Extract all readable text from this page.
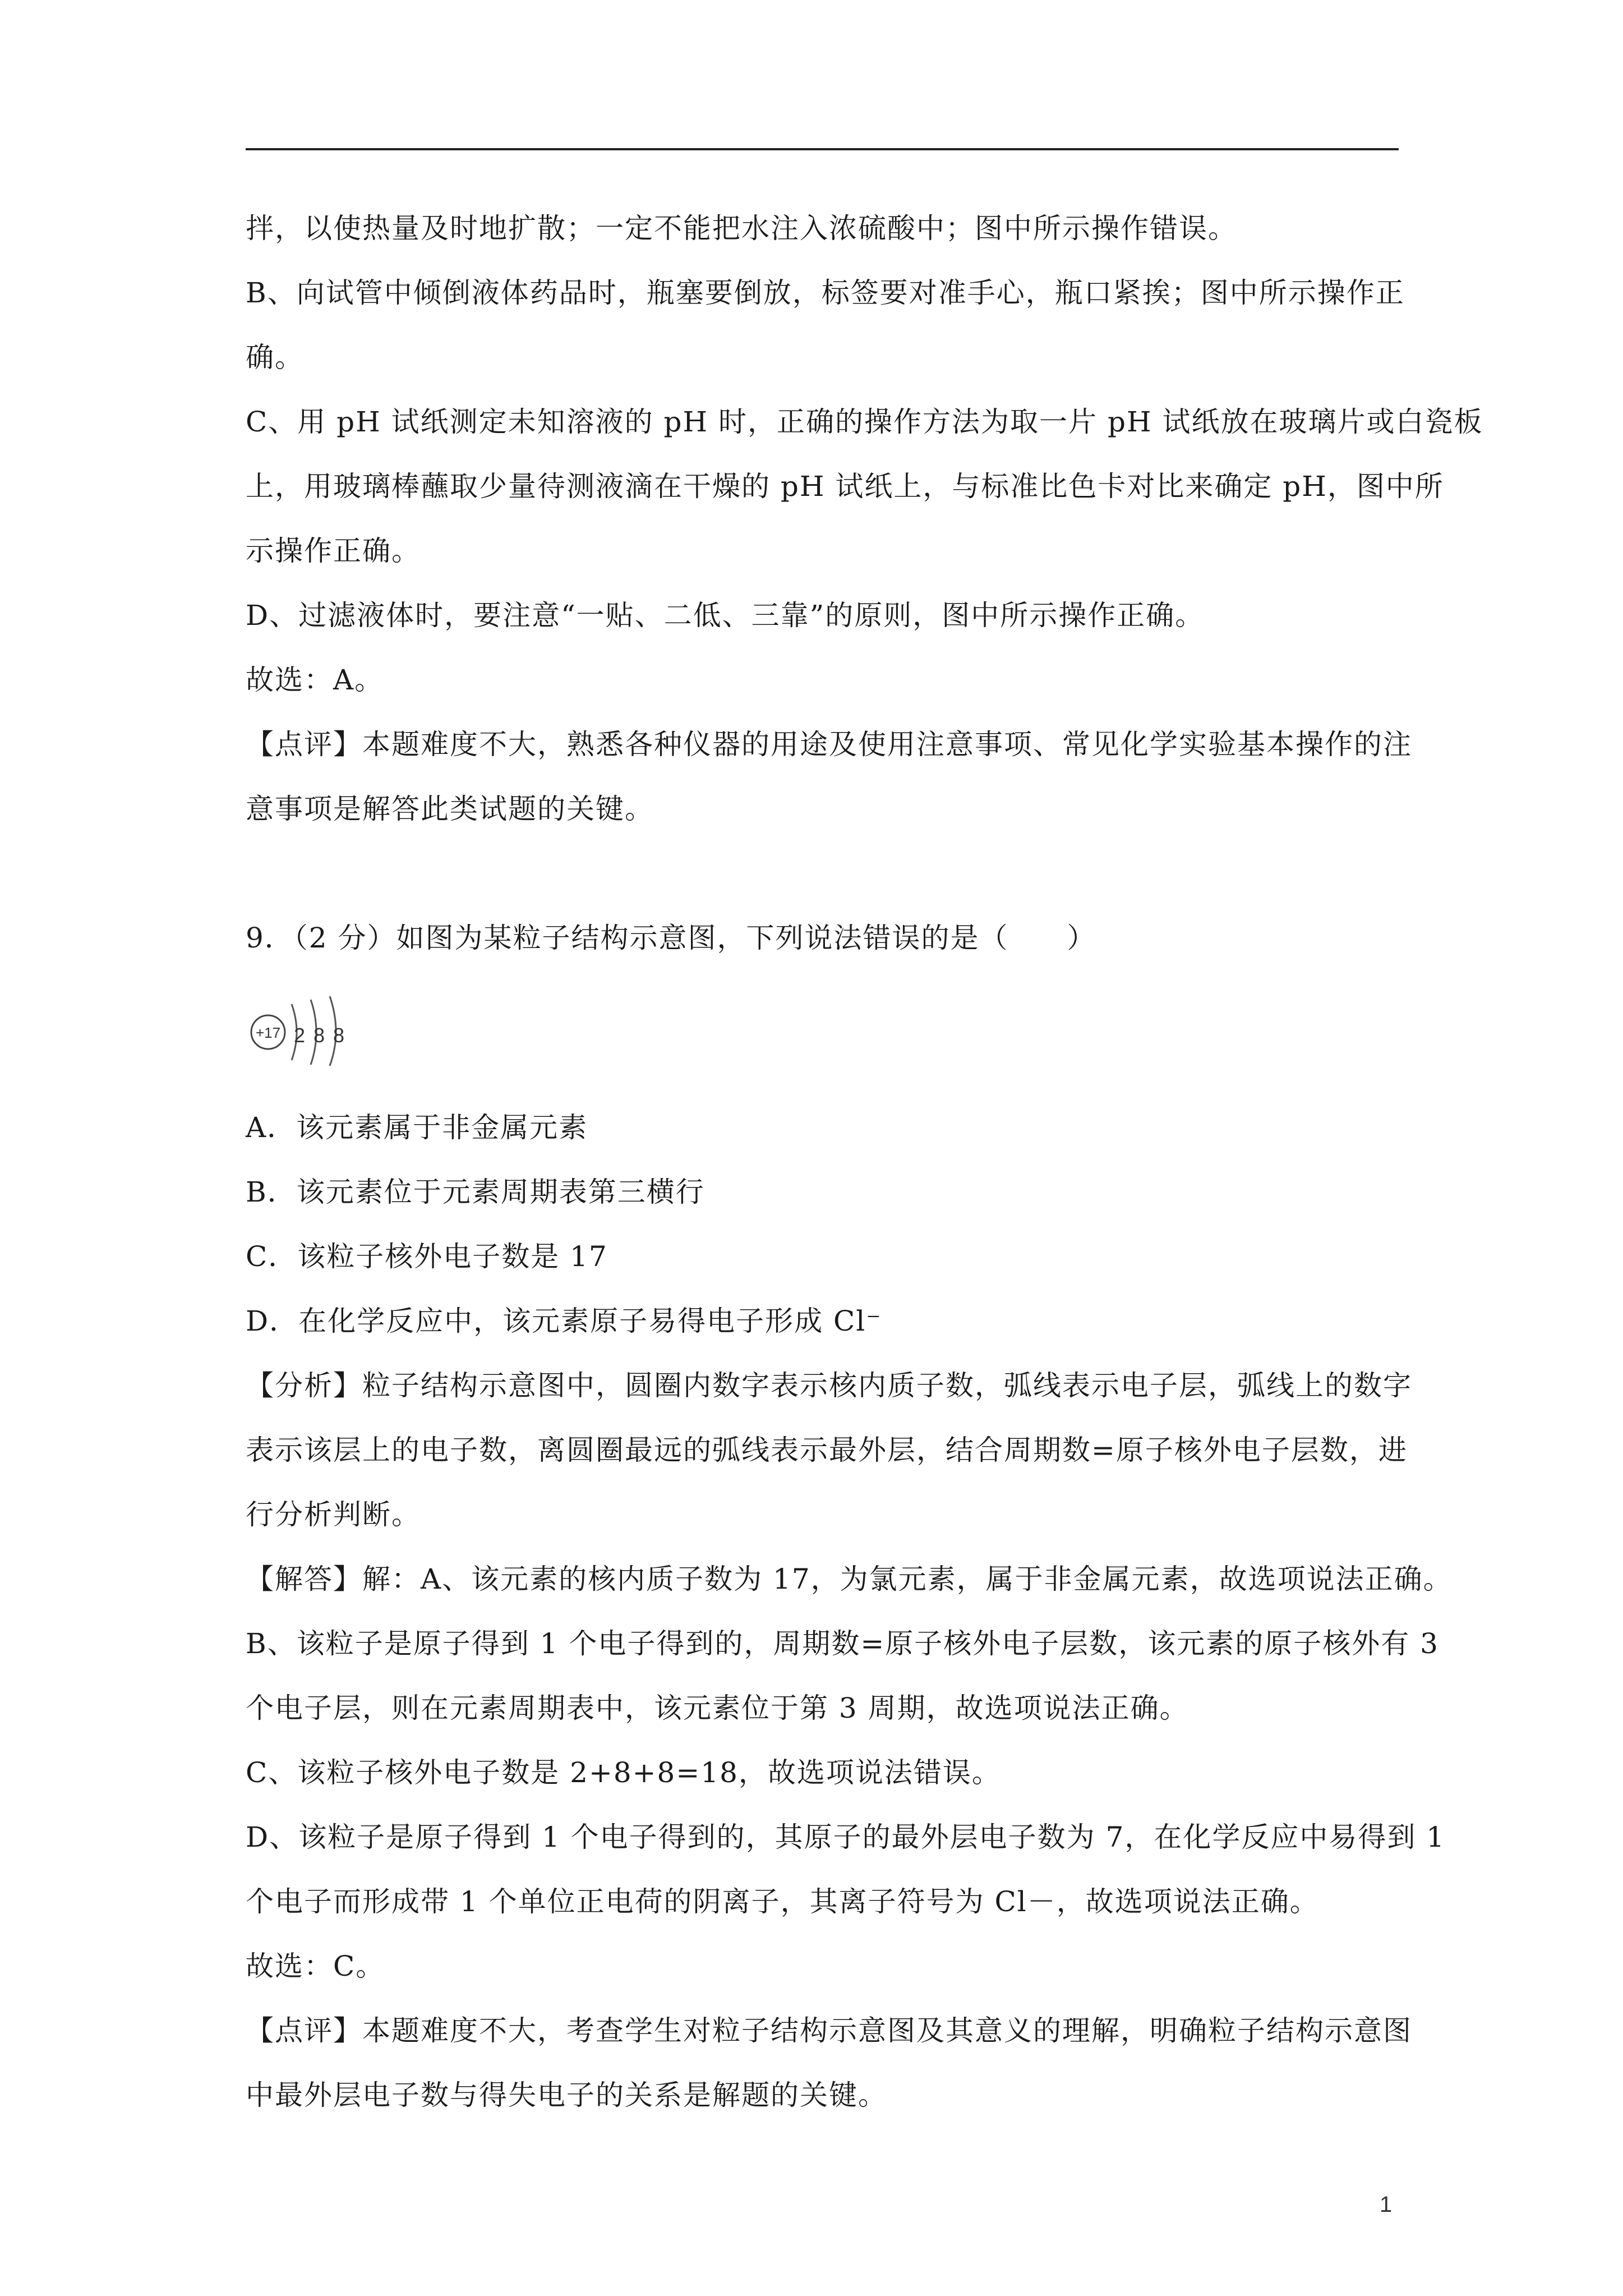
拌，以使热量及时地扩散；一定不能把水注入浓硫酸中；图中所示操作错误。
B、向试管中倾倒液体药品时，瓶塞要倒放，标签要对准手心，瓶口紧挨；图中所示操作正
确。
C、用 pH 试纸测定未知溶液的 pH 时，正确的操作方法为取一片 pH 试纸放在玻璃片或白瓷板
上，用玻璃棒蘸取少量待测液滴在干燥的 pH 试纸上，与标准比色卡对比来确定 pH，图中所
示操作正确。
D、过滤液体时，要注意“一贴、二低、三靠”的原则，图中所示操作正确。
故选：A。
【点评】本题难度不大，熟悉各种仪器的用途及使用注意事项、常见化学实验基本操作的注
意事项是解答此类试题的关键。
9．（2 分）如图为某粒子结构示意图，下列说法错误的是（　　）
+17 2 8 8
A．该元素属于非金属元素
B．该元素位于元素周期表第三横行
C．该粒子核外电子数是 17
D．在化学反应中，该元素原子易得电子形成 Cl⁻
【分析】粒子结构示意图中，圆圈内数字表示核内质子数，弧线表示电子层，弧线上的数字
表示该层上的电子数，离圆圈最远的弧线表示最外层，结合周期数=原子核外电子层数，进
行分析判断。
【解答】解：A、该元素的核内质子数为 17，为氯元素，属于非金属元素，故选项说法正确。
B、该粒子是原子得到 1 个电子得到的，周期数=原子核外电子层数，该元素的原子核外有 3
个电子层，则在元素周期表中，该元素位于第 3 周期，故选项说法正确。
C、该粒子核外电子数是 2+8+8=18，故选项说法错误。
D、该粒子是原子得到 1 个电子得到的，其原子的最外层电子数为 7，在化学反应中易得到 1
个电子而形成带 1 个单位正电荷的阴离子，其离子符号为 Cl－，故选项说法正确。
故选：C。
【点评】本题难度不大，考查学生对粒子结构示意图及其意义的理解，明确粒子结构示意图
中最外层电子数与得失电子的关系是解题的关键。
1
